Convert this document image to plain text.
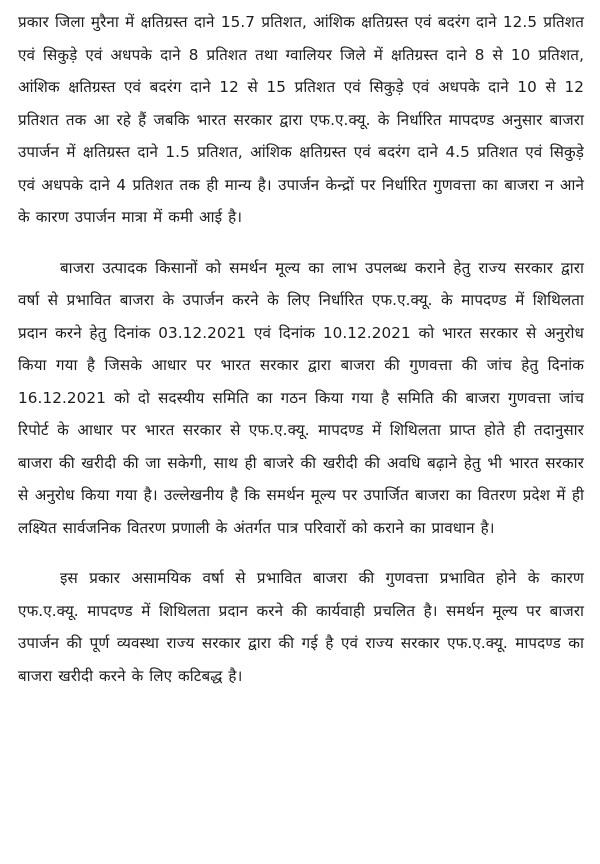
प्रकार जिला मुरैना में क्षतिग्रस्त दाने 15.7 प्रतिशत, आंशिक क्षतिग्रस्त एवं बदरंग दाने 12.5 प्रतिशत एवं सिकुड़े एवं अधपके दाने 8 प्रतिशत तथा ग्वालियर जिले में क्षतिग्रस्त दाने 8 से 10 प्रतिशत, आंशिक क्षतिग्रस्त एवं बदरंग दाने 12 से 15 प्रतिशत एवं सिकुड़े एवं अधपके दाने 10 से 12 प्रतिशत तक आ रहे हैं जबकि भारत सरकार द्वारा एफ.ए.क्यू. के निर्धारित मापदण्ड अनुसार बाजरा उपार्जन में क्षतिग्रस्त दाने 1.5 प्रतिशत, आंशिक क्षतिग्रस्त एवं बदरंग दाने 4.5 प्रतिशत एवं सिकुड़े एवं अधपके दाने 4 प्रतिशत तक ही मान्य है। उपार्जन केन्द्रों पर निर्धारित गुणवत्ता का बाजरा न आने के कारण उपार्जन मात्रा में कमी आई है।

बाजरा उत्पादक किसानों को समर्थन मूल्य का लाभ उपलब्ध कराने हेतु राज्य सरकार द्वारा वर्षा से प्रभावित बाजरा के उपार्जन करने के लिए निर्धारित एफ.ए.क्यू. के मापदण्ड में शिथिलता प्रदान करने हेतु दिनांक 03.12.2021 एवं दिनांक 10.12.2021 को भारत सरकार से अनुरोध किया गया है जिसके आधार पर भारत सरकार द्वारा बाजरा की गुणवत्ता की जांच हेतु दिनांक 16.12.2021 को दो सदस्यीय समिति का गठन किया गया है समिति की बाजरा गुणवत्ता जांच रिपोर्ट के आधार पर भारत सरकार से एफ.ए.क्यू. मापदण्ड में शिथिलता प्राप्त होते ही तदानुसार बाजरा की खरीदी की जा सकेगी, साथ ही बाजरे की खरीदी की अवधि बढ़ाने हेतु भी भारत सरकार से अनुरोध किया गया है। उल्लेखनीय है कि समर्थन मूल्य पर उपार्जित बाजरा का वितरण प्रदेश में ही लक्ष्यित सार्वजनिक वितरण प्रणाली के अंतर्गत पात्र परिवारों को कराने का प्रावधान है।

इस प्रकार असामयिक वर्षा से प्रभावित बाजरा की गुणवत्ता प्रभावित होने के कारण एफ.ए.क्यू. मापदण्ड में शिथिलता प्रदान करने की कार्यवाही प्रचलित है। समर्थन मूल्य पर बाजरा उपार्जन की पूर्ण व्यवस्था राज्य सरकार द्वारा की गई है एवं राज्य सरकार एफ.ए.क्यू. मापदण्ड का बाजरा खरीदी करने के लिए कटिबद्ध है।
